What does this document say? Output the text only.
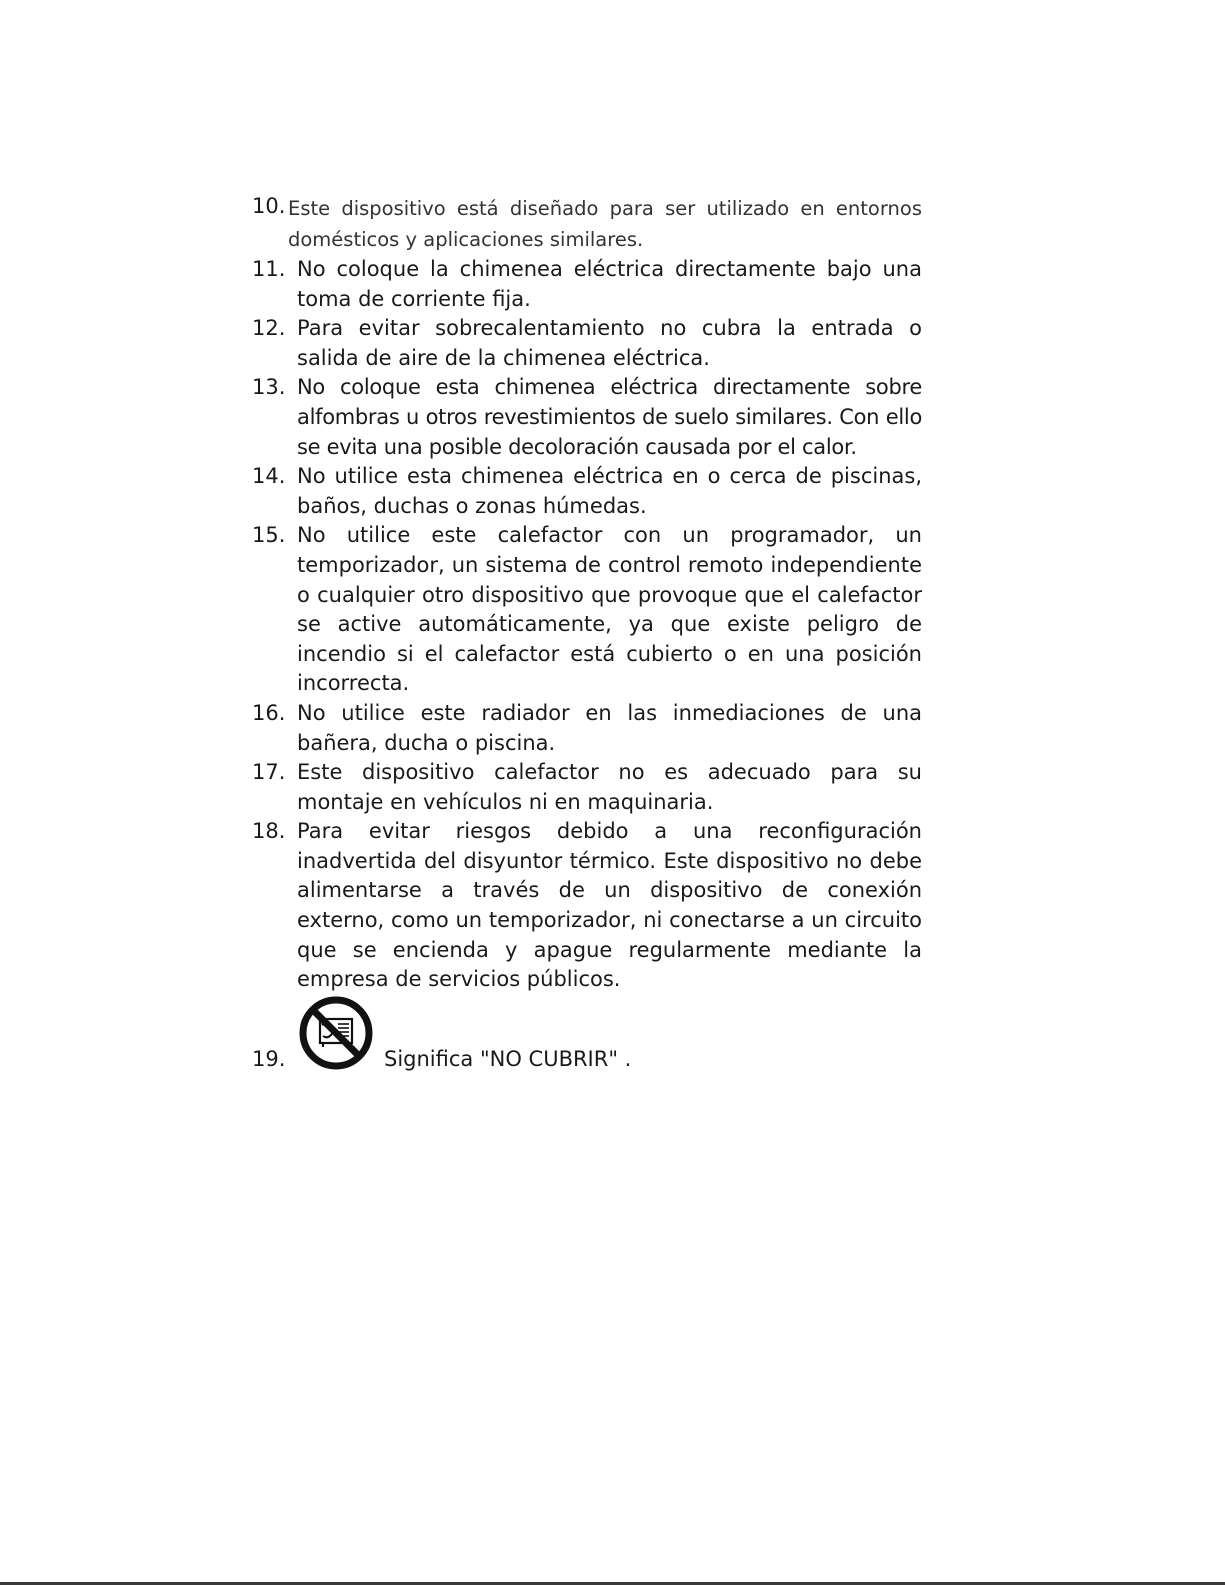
10. Este dispositivo está diseñado para ser utilizado en entornos domésticos y aplicaciones similares.
11. No coloque la chimenea eléctrica directamente bajo una toma de corriente fija.
12. Para evitar sobrecalentamiento no cubra la entrada o salida de aire de la chimenea eléctrica.
13. No coloque esta chimenea eléctrica directamente sobre alfombras u otros revestimientos de suelo similares. Con ello se evita una posible decoloración causada por el calor.
14. No utilice esta chimenea eléctrica en o cerca de piscinas, baños, duchas o zonas húmedas.
15. No utilice este calefactor con un programador, un temporizador, un sistema de control remoto independiente o cualquier otro dispositivo que provoque que el calefactor se active automáticamente, ya que existe peligro de incendio si el calefactor está cubierto o en una posición incorrecta.
16. No utilice este radiador en las inmediaciones de una bañera, ducha o piscina.
17. Este dispositivo calefactor no es adecuado para su montaje en vehículos ni en maquinaria.
18. Para evitar riesgos debido a una reconfiguración inadvertida del disyuntor térmico. Este dispositivo no debe alimentarse a través de un dispositivo de conexión externo, como un temporizador, ni conectarse a un circuito que se encienda y apague regularmente mediante la empresa de servicios públicos.
19.	Significa "NO CUBRIR" .
